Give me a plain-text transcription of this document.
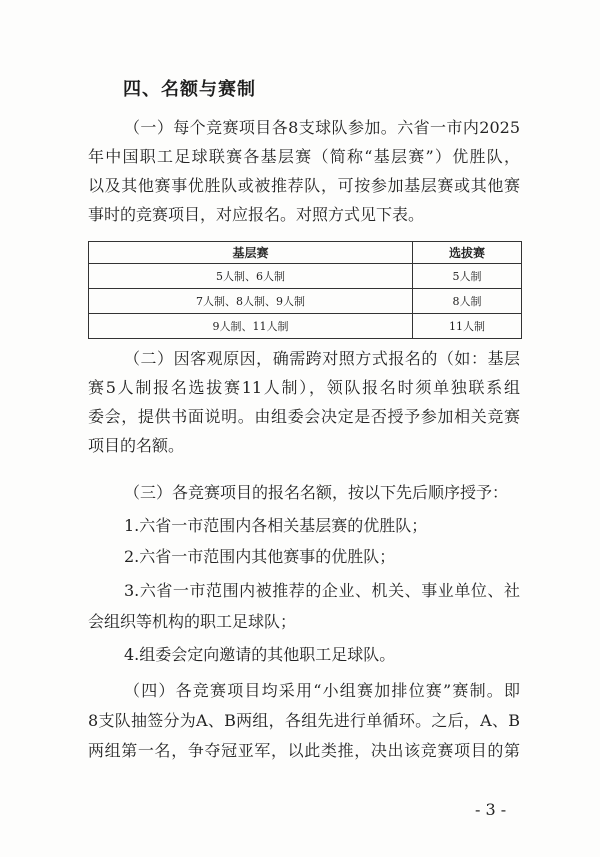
四、名额与赛制

（一）每个竞赛项目各8支球队参加。六省一市内2025
年中国职工足球联赛各基层赛（简称“基层赛”）优胜队，
以及其他赛事优胜队或被推荐队，可按参加基层赛或其他赛
事时的竞赛项目，对应报名。对照方式见下表。

基层赛	选拔赛
5人制、6人制	5人制
7人制、8人制、9人制	8人制
9人制、11人制	11人制

（二）因客观原因，确需跨对照方式报名的（如：基层
赛5人制报名选拔赛11人制），领队报名时须单独联系组
委会，提供书面说明。由组委会决定是否授予参加相关竞赛
项目的名额。

（三）各竞赛项目的报名名额，按以下先后顺序授予：

1.六省一市范围内各相关基层赛的优胜队；
2.六省一市范围内其他赛事的优胜队；
3.六省一市范围内被推荐的企业、机关、事业单位、社
会组织等机构的职工足球队；
4.组委会定向邀请的其他职工足球队。

（四）各竞赛项目均采用“小组赛加排位赛”赛制。即
8支队抽签分为A、B两组，各组先进行单循环。之后，A、B
两组第一名，争夺冠亚军，以此类推，决出该竞赛项目的第

- 3 -
